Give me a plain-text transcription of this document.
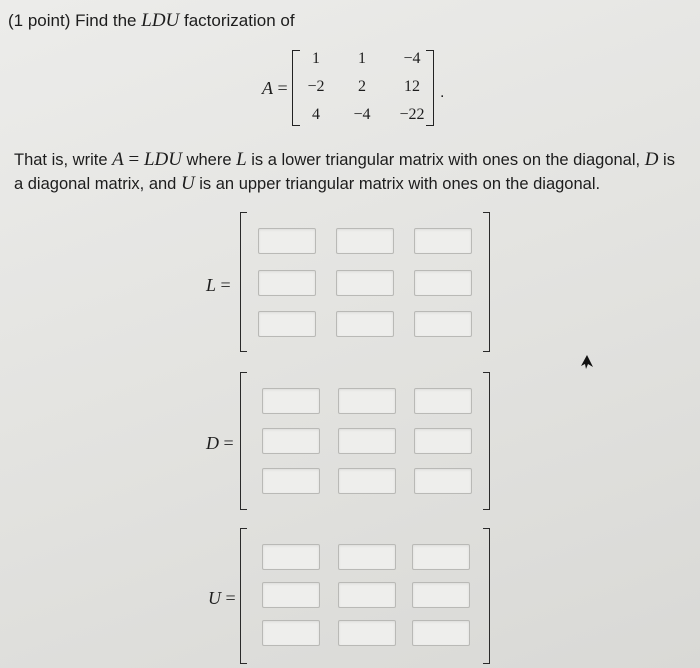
(1 point) Find the LDU factorization of
A =
1	1	−4
−2	2	12
4	−4	−22
.
That is, write A = LDU where L is a lower triangular matrix with ones on the diagonal, D is a diagonal matrix, and U is an upper triangular matrix with ones on the diagonal.
L =
D =
U =
